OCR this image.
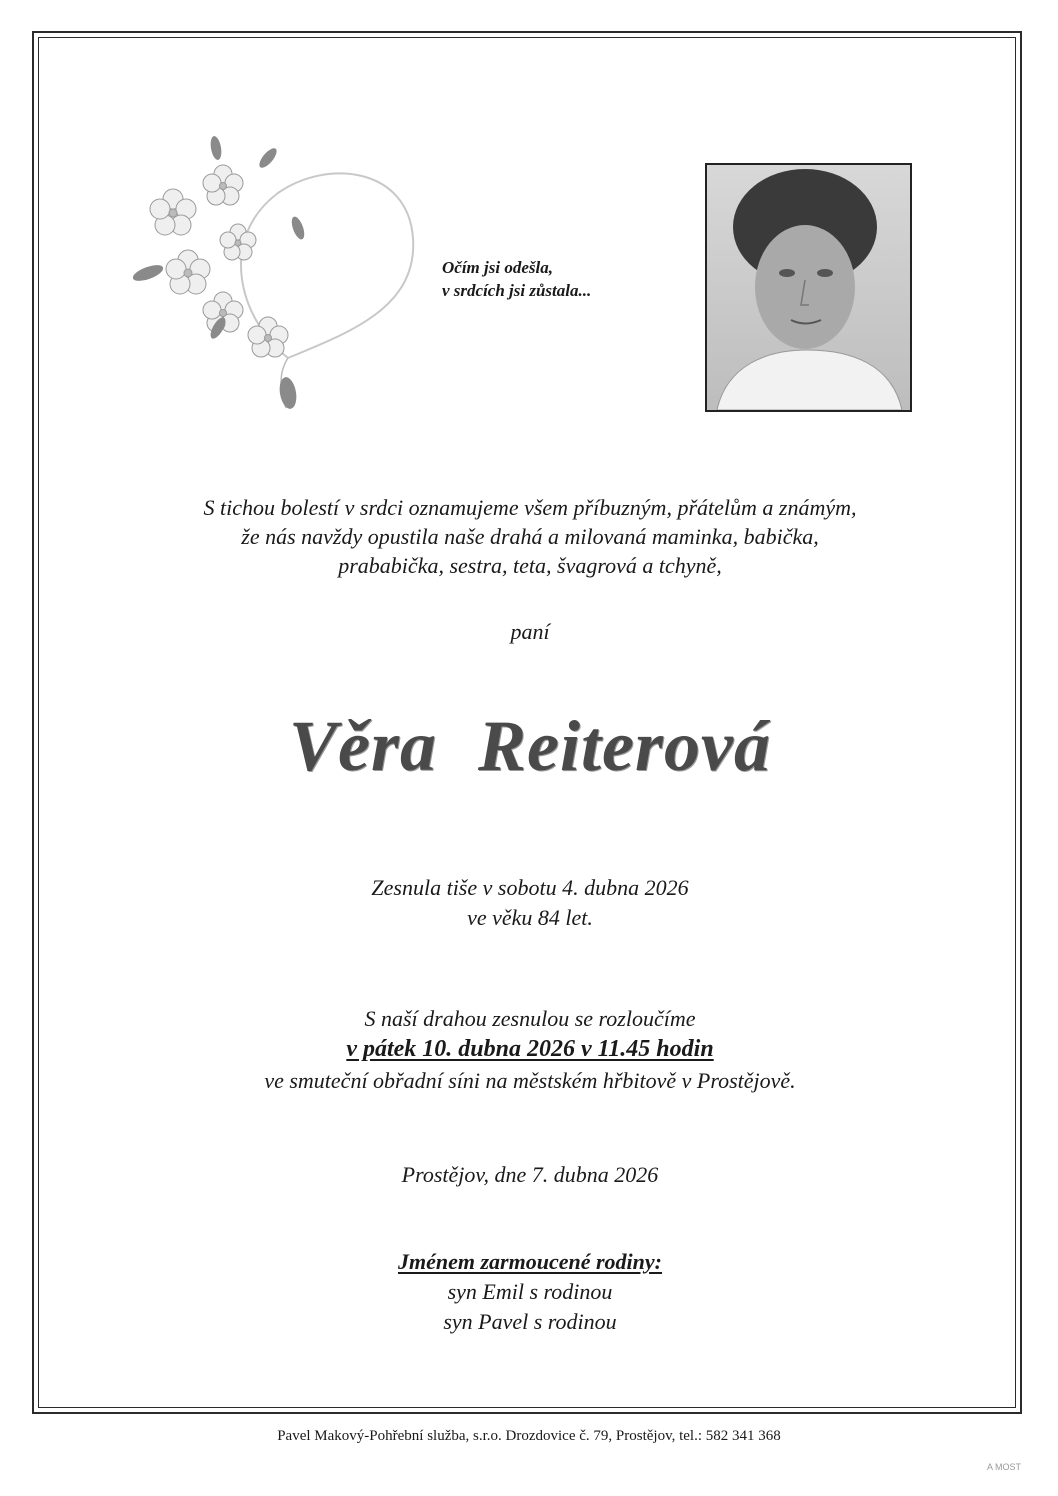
Očím jsi odešla,
v srdcích jsi zůstala...
S tichou bolestí v srdci oznamujeme všem příbuzným, přátelům a známým,
že nás navždy opustila naše drahá a milovaná maminka, babička,
prababička, sestra, teta, švagrová a tchyně,
paní
Věra Reiterová
Zesnula tiše v sobotu 4. dubna 2026
ve věku 84 let.
S naší drahou zesnulou se rozloučíme
v pátek 10. dubna 2026 v 11.45 hodin
ve smuteční obřadní síni na městském hřbitově v Prostějově.
Prostějov, dne 7. dubna 2026
Jménem zarmoucené rodiny:
syn Emil s rodinou
syn Pavel s rodinou
Pavel Makový-Pohřební služba, s.r.o. Drozdovice č. 79, Prostějov, tel.: 582 341 368
A MOST
